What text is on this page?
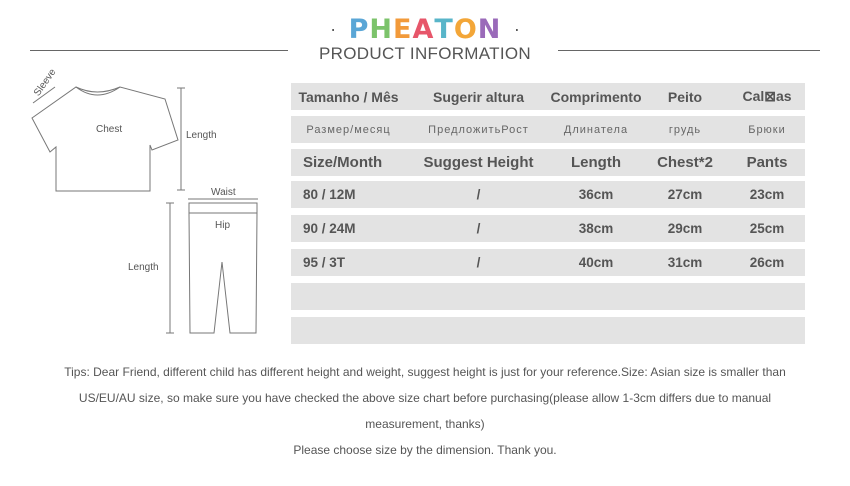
· PHEATON ·
PRODUCT INFORMATION
Sleeve
Chest
Length
Waist
Hip
Length
Tamanho / Mês	Sugerir altura	Comprimento	Peito	Cal⊠as
Размер/месяц	ПредложитьРост	Длинатела	грудь	Брюки
Size/Month	Suggest Height	Length	Chest*2	Pants
80 / 12M	/	36cm	27cm	23cm
90 / 24M	/	38cm	29cm	25cm
95 / 3T	/	40cm	31cm	26cm
Tips: Dear Friend, different child has different height and weight, suggest height is just for your reference.Size: Asian size is smaller than
US/EU/AU size, so make sure you have checked the above size chart before purchasing(please allow 1-3cm differs due to manual
measurement, thanks)
Please choose size by the dimension. Thank you.
